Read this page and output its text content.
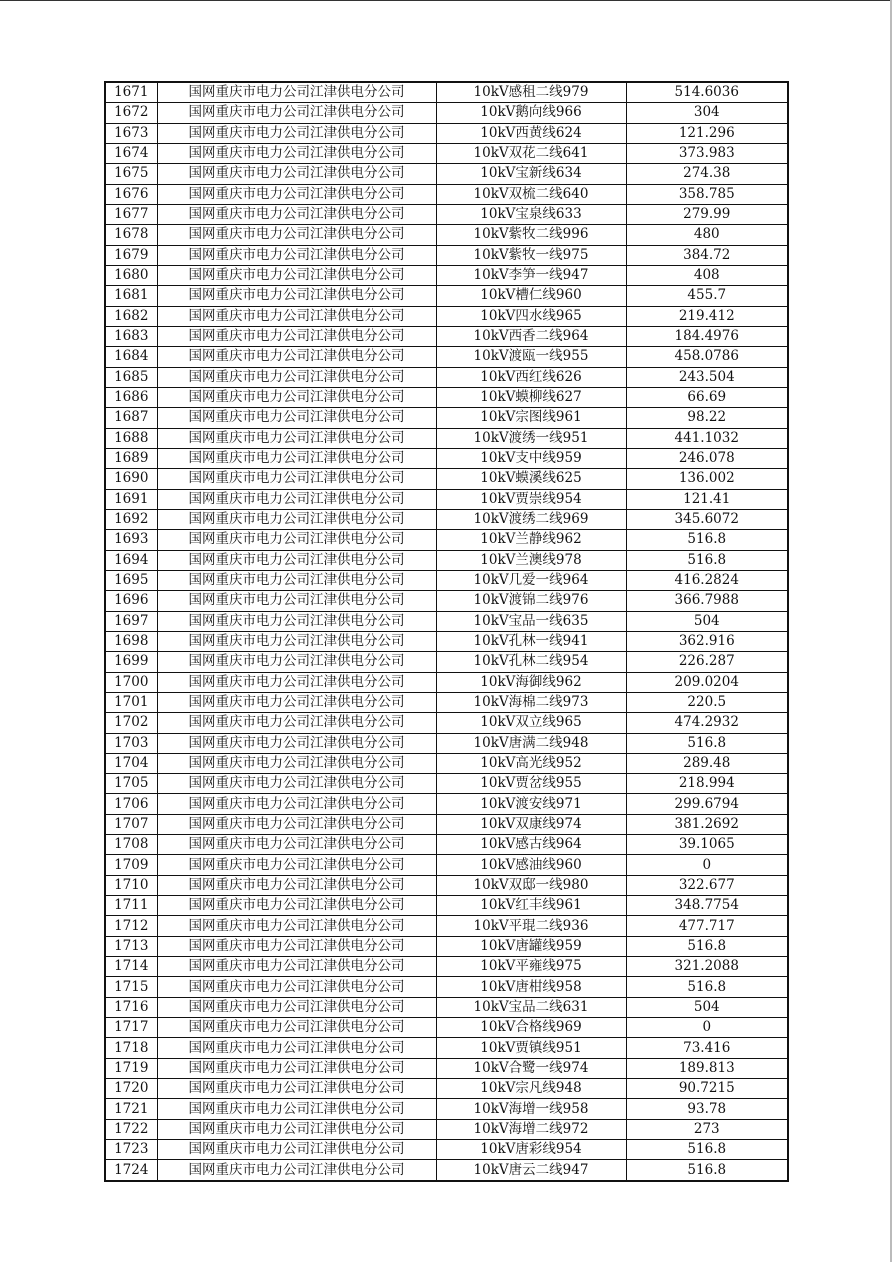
1671	国网重庆市电力公司江津供电分公司	10kV感租二线979	514.6036
1672	国网重庆市电力公司江津供电分公司	10kV鹅向线966	304
1673	国网重庆市电力公司江津供电分公司	10kV西黄线624	121.296
1674	国网重庆市电力公司江津供电分公司	10kV双花二线641	373.983
1675	国网重庆市电力公司江津供电分公司	10kV宝新线634	274.38
1676	国网重庆市电力公司江津供电分公司	10kV双梳二线640	358.785
1677	国网重庆市电力公司江津供电分公司	10kV宝泉线633	279.99
1678	国网重庆市电力公司江津供电分公司	10kV紫牧二线996	480
1679	国网重庆市电力公司江津供电分公司	10kV紫牧一线975	384.72
1680	国网重庆市电力公司江津供电分公司	10kV李笋一线947	408
1681	国网重庆市电力公司江津供电分公司	10kV槽仁线960	455.7
1682	国网重庆市电力公司江津供电分公司	10kV四水线965	219.412
1683	国网重庆市电力公司江津供电分公司	10kV西香二线964	184.4976
1684	国网重庆市电力公司江津供电分公司	10kV渡瓯一线955	458.0786
1685	国网重庆市电力公司江津供电分公司	10kV西红线626	243.504
1686	国网重庆市电力公司江津供电分公司	10kV蟆柳线627	66.69
1687	国网重庆市电力公司江津供电分公司	10kV宗图线961	98.22
1688	国网重庆市电力公司江津供电分公司	10kV渡绣一线951	441.1032
1689	国网重庆市电力公司江津供电分公司	10kV支中线959	246.078
1690	国网重庆市电力公司江津供电分公司	10kV蟆溪线625	136.002
1691	国网重庆市电力公司江津供电分公司	10kV贾崇线954	121.41
1692	国网重庆市电力公司江津供电分公司	10kV渡绣二线969	345.6072
1693	国网重庆市电力公司江津供电分公司	10kV兰静线962	516.8
1694	国网重庆市电力公司江津供电分公司	10kV兰澳线978	516.8
1695	国网重庆市电力公司江津供电分公司	10kV几爱一线964	416.2824
1696	国网重庆市电力公司江津供电分公司	10kV渡锦二线976	366.7988
1697	国网重庆市电力公司江津供电分公司	10kV宝品一线635	504
1698	国网重庆市电力公司江津供电分公司	10kV孔林一线941	362.916
1699	国网重庆市电力公司江津供电分公司	10kV孔林二线954	226.287
1700	国网重庆市电力公司江津供电分公司	10kV海御线962	209.0204
1701	国网重庆市电力公司江津供电分公司	10kV海棉二线973	220.5
1702	国网重庆市电力公司江津供电分公司	10kV双立线965	474.2932
1703	国网重庆市电力公司江津供电分公司	10kV唐满二线948	516.8
1704	国网重庆市电力公司江津供电分公司	10kV高光线952	289.48
1705	国网重庆市电力公司江津供电分公司	10kV贾岔线955	218.994
1706	国网重庆市电力公司江津供电分公司	10kV渡安线971	299.6794
1707	国网重庆市电力公司江津供电分公司	10kV双康线974	381.2692
1708	国网重庆市电力公司江津供电分公司	10kV感古线964	39.1065
1709	国网重庆市电力公司江津供电分公司	10kV感油线960	0
1710	国网重庆市电力公司江津供电分公司	10kV双邸一线980	322.677
1711	国网重庆市电力公司江津供电分公司	10kV红丰线961	348.7754
1712	国网重庆市电力公司江津供电分公司	10kV平琨二线936	477.717
1713	国网重庆市电力公司江津供电分公司	10kV唐罐线959	516.8
1714	国网重庆市电力公司江津供电分公司	10kV平雍线975	321.2088
1715	国网重庆市电力公司江津供电分公司	10kV唐柑线958	516.8
1716	国网重庆市电力公司江津供电分公司	10kV宝品二线631	504
1717	国网重庆市电力公司江津供电分公司	10kV合格线969	0
1718	国网重庆市电力公司江津供电分公司	10kV贾镇线951	73.416
1719	国网重庆市电力公司江津供电分公司	10kV合鹭一线974	189.813
1720	国网重庆市电力公司江津供电分公司	10kV宗凡线948	90.7215
1721	国网重庆市电力公司江津供电分公司	10kV海增一线958	93.78
1722	国网重庆市电力公司江津供电分公司	10kV海增二线972	273
1723	国网重庆市电力公司江津供电分公司	10kV唐彩线954	516.8
1724	国网重庆市电力公司江津供电分公司	10kV唐云二线947	516.8
